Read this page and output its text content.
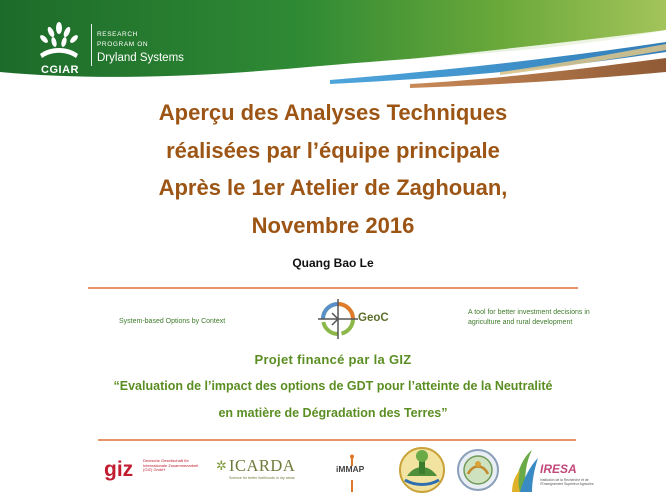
CGIAR
RESEARCH
PROGRAM ON
Dryland Systems
Aperçu des Analyses Techniques
réalisées par l’équipe principale
Après le 1er Atelier de Zaghouan,
Novembre 2016
Quang Bao Le
System-based Options by Context	GeoC	A tool for better investment decisions in agriculture and rural development
Projet financé par la GIZ
“Evaluation de l’impact des options de GDT pour l’atteinte de la Neutralité
en matière de Dégradation des Terres”
giz Deutsche Gesellschaft für Internationale Zusammenarbeit (GIZ) GmbH	✲ ICARDA
Science for better livelihoods in dry areas
iMMAP	IRESA
Institution de la Recherche et de l’Enseignement Supérieur Agricoles
